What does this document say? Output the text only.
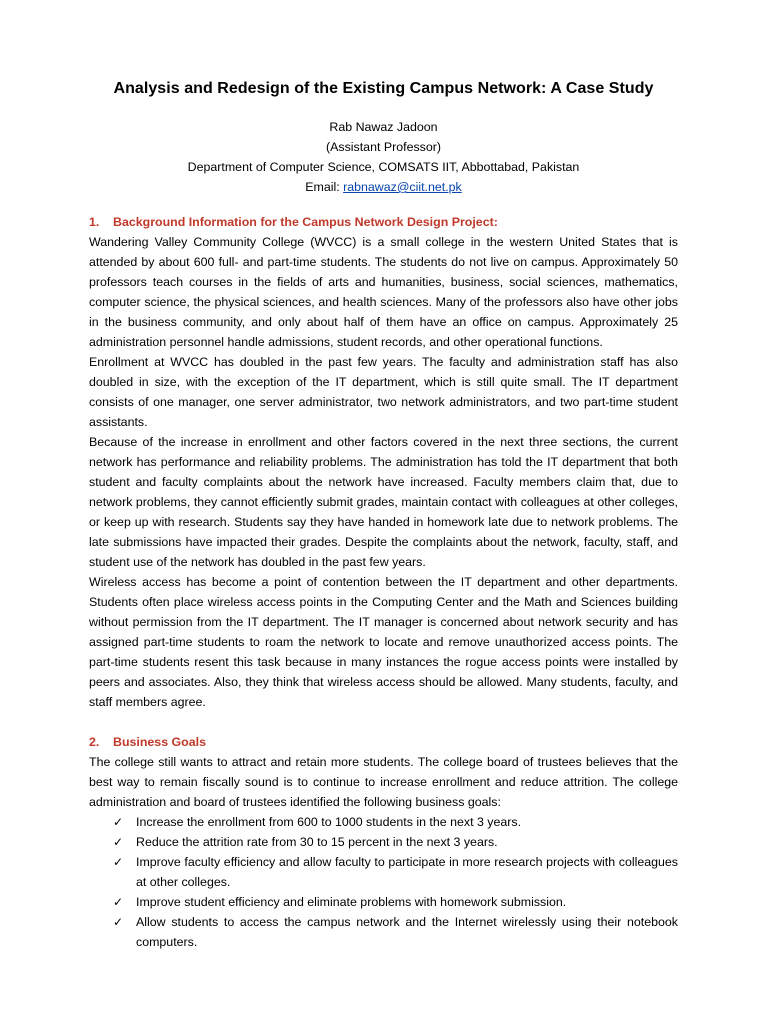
Analysis and Redesign of the Existing Campus Network: A Case Study
Rab Nawaz Jadoon
(Assistant Professor)
Department of Computer Science, COMSATS IIT, Abbottabad, Pakistan
Email: rabnawaz@ciit.net.pk
1. Background Information for the Campus Network Design Project:

Wandering Valley Community College (WVCC) is a small college in the western United States that is attended by about 600 full- and part-time students. The students do not live on campus. Approximately 50 professors teach courses in the fields of arts and humanities, business, social sciences, mathematics, computer science, the physical sciences, and health sciences. Many of the professors also have other jobs in the business community, and only about half of them have an office on campus. Approximately 25 administration personnel handle admissions, student records, and other operational functions.

Enrollment at WVCC has doubled in the past few years. The faculty and administration staff has also doubled in size, with the exception of the IT department, which is still quite small. The IT department consists of one manager, one server administrator, two network administrators, and two part-time student assistants.

Because of the increase in enrollment and other factors covered in the next three sections, the current network has performance and reliability problems. The administration has told the IT department that both student and faculty complaints about the network have increased. Faculty members claim that, due to network problems, they cannot efficiently submit grades, maintain contact with colleagues at other colleges, or keep up with research. Students say they have handed in homework late due to network problems. The late submissions have impacted their grades. Despite the complaints about the network, faculty, staff, and student use of the network has doubled in the past few years.

Wireless access has become a point of contention between the IT department and other departments. Students often place wireless access points in the Computing Center and the Math and Sciences building without permission from the IT department. The IT manager is concerned about network security and has assigned part-time students to roam the network to locate and remove unauthorized access points. The part-time students resent this task because in many instances the rogue access points were installed by peers and associates. Also, they think that wireless access should be allowed. Many students, faculty, and staff members agree.

2. Business Goals

The college still wants to attract and retain more students. The college board of trustees believes that the best way to remain fiscally sound is to continue to increase enrollment and reduce attrition. The college administration and board of trustees identified the following business goals:

✓ Increase the enrollment from 600 to 1000 students in the next 3 years.
✓ Reduce the attrition rate from 30 to 15 percent in the next 3 years.
✓ Improve faculty efficiency and allow faculty to participate in more research projects with colleagues at other colleges.
✓ Improve student efficiency and eliminate problems with homework submission.
✓ Allow students to access the campus network and the Internet wirelessly using their notebook computers.
